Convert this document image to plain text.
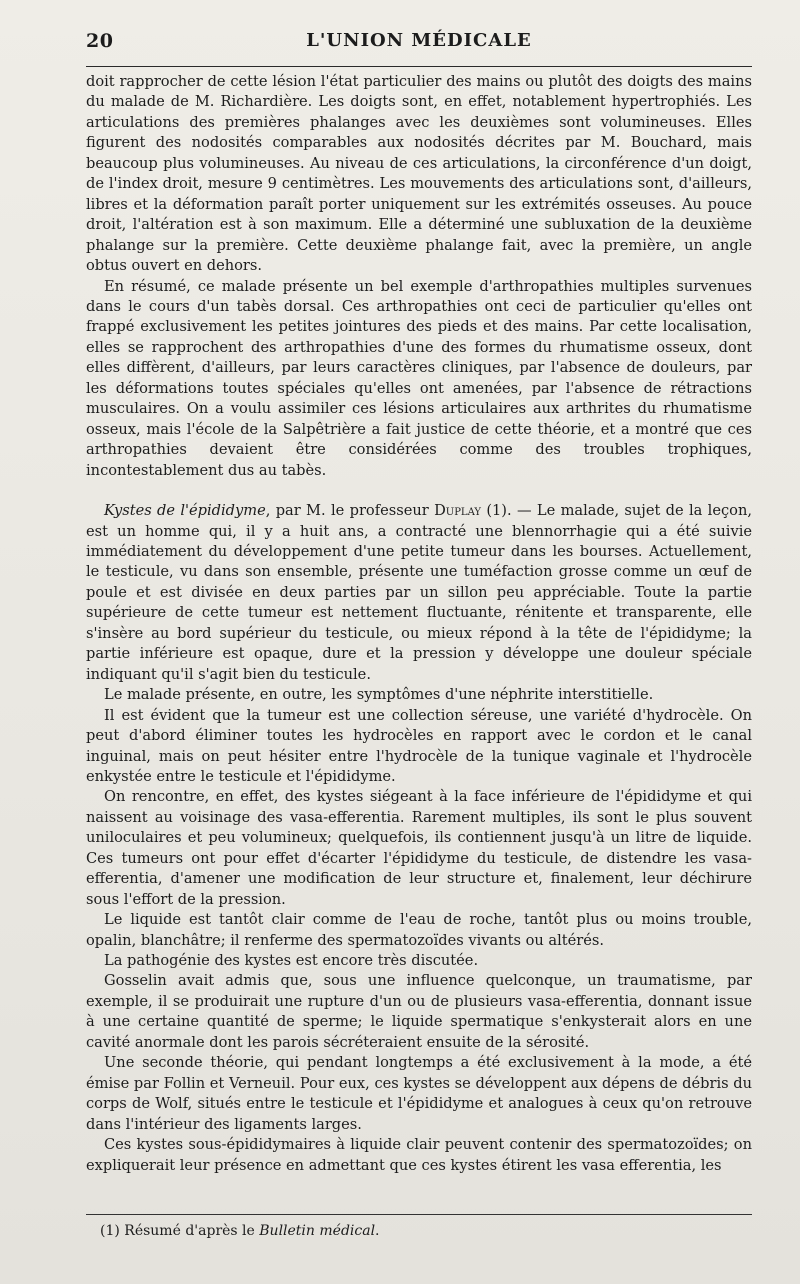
20	L'UNION MÉDICALE

doit rapprocher de cette lésion l'état particulier des mains ou plutôt des doigts des mains du malade de M. Richardière. Les doigts sont, en effet, notablement hypertrophiés. Les articulations des premières phalanges avec les deuxièmes sont volumineuses. Elles figurent des nodosités comparables aux nodosités décrites par M. Bouchard, mais beaucoup plus volumineuses. Au niveau de ces articulations, la circonférence d'un doigt, de l'index droit, mesure 9 centimètres. Les mouvements des articulations sont, d'ailleurs, libres et la déformation paraît porter uniquement sur les extrémités osseuses. Au pouce droit, l'altération est à son maximum. Elle a déterminé une subluxation de la deuxième phalange sur la première. Cette deuxième phalange fait, avec la première, un angle obtus ouvert en dehors.

En résumé, ce malade présente un bel exemple d'arthropathies multiples survenues dans le cours d'un tabès dorsal. Ces arthropathies ont ceci de particulier qu'elles ont frappé exclusivement les petites jointures des pieds et des mains. Par cette localisation, elles se rapprochent des arthropathies d'une des formes du rhumatisme osseux, dont elles diffèrent, d'ailleurs, par leurs caractères cliniques, par l'absence de douleurs, par les déformations toutes spéciales qu'elles ont amenées, par l'absence de rétractions musculaires. On a voulu assimiler ces lésions articulaires aux arthrites du rhumatisme osseux, mais l'école de la Salpêtrière a fait justice de cette théorie, et a montré que ces arthropathies devaient être considérées comme des troubles trophiques, incontestablement dus au tabès.

Kystes de l'épididyme, par M. le professeur Duplay (1). — Le malade, sujet de la leçon, est un homme qui, il y a huit ans, a contracté une blennorrhagie qui a été suivie immédiatement du développement d'une petite tumeur dans les bourses. Actuellement, le testicule, vu dans son ensemble, présente une tuméfaction grosse comme un œuf de poule et est divisée en deux parties par un sillon peu appréciable. Toute la partie supérieure de cette tumeur est nettement fluctuante, rénitente et transparente, elle s'insère au bord supérieur du testicule, ou mieux répond à la tête de l'épididyme; la partie inférieure est opaque, dure et la pression y développe une douleur spéciale indiquant qu'il s'agit bien du testicule.

Le malade présente, en outre, les symptômes d'une néphrite interstitielle.

Il est évident que la tumeur est une collection séreuse, une variété d'hydrocèle. On peut d'abord éliminer toutes les hydrocèles en rapport avec le cordon et le canal inguinal, mais on peut hésiter entre l'hydrocèle de la tunique vaginale et l'hydrocèle enkystée entre le testicule et l'épididyme.

On rencontre, en effet, des kystes siégeant à la face inférieure de l'épididyme et qui naissent au voisinage des vasa-efferentia. Rarement multiples, ils sont le plus souvent uniloculaires et peu volumineux; quelquefois, ils contiennent jusqu'à un litre de liquide. Ces tumeurs ont pour effet d'écarter l'épididyme du testicule, de distendre les vasa-efferentia, d'amener une modification de leur structure et, finalement, leur déchirure sous l'effort de la pression.

Le liquide est tantôt clair comme de l'eau de roche, tantôt plus ou moins trouble, opalin, blanchâtre; il renferme des spermatozoïdes vivants ou altérés.

La pathogénie des kystes est encore très discutée.

Gosselin avait admis que, sous une influence quelconque, un traumatisme, par exemple, il se produirait une rupture d'un ou de plusieurs vasa-efferentia, donnant issue à une certaine quantité de sperme; le liquide spermatique s'enkysterait alors en une cavité anormale dont les parois sécréteraient ensuite de la sérosité.

Une seconde théorie, qui pendant longtemps a été exclusivement à la mode, a été émise par Follin et Verneuil. Pour eux, ces kystes se développent aux dépens de débris du corps de Wolf, situés entre le testicule et l'épididyme et analogues à ceux qu'on retrouve dans l'intérieur des ligaments larges.

Ces kystes sous-épididymaires à liquide clair peuvent contenir des spermatozoïdes; on expliquerait leur présence en admettant que ces kystes étirent les vasa efferentia, les

(1) Résumé d'après le Bulletin médical.
